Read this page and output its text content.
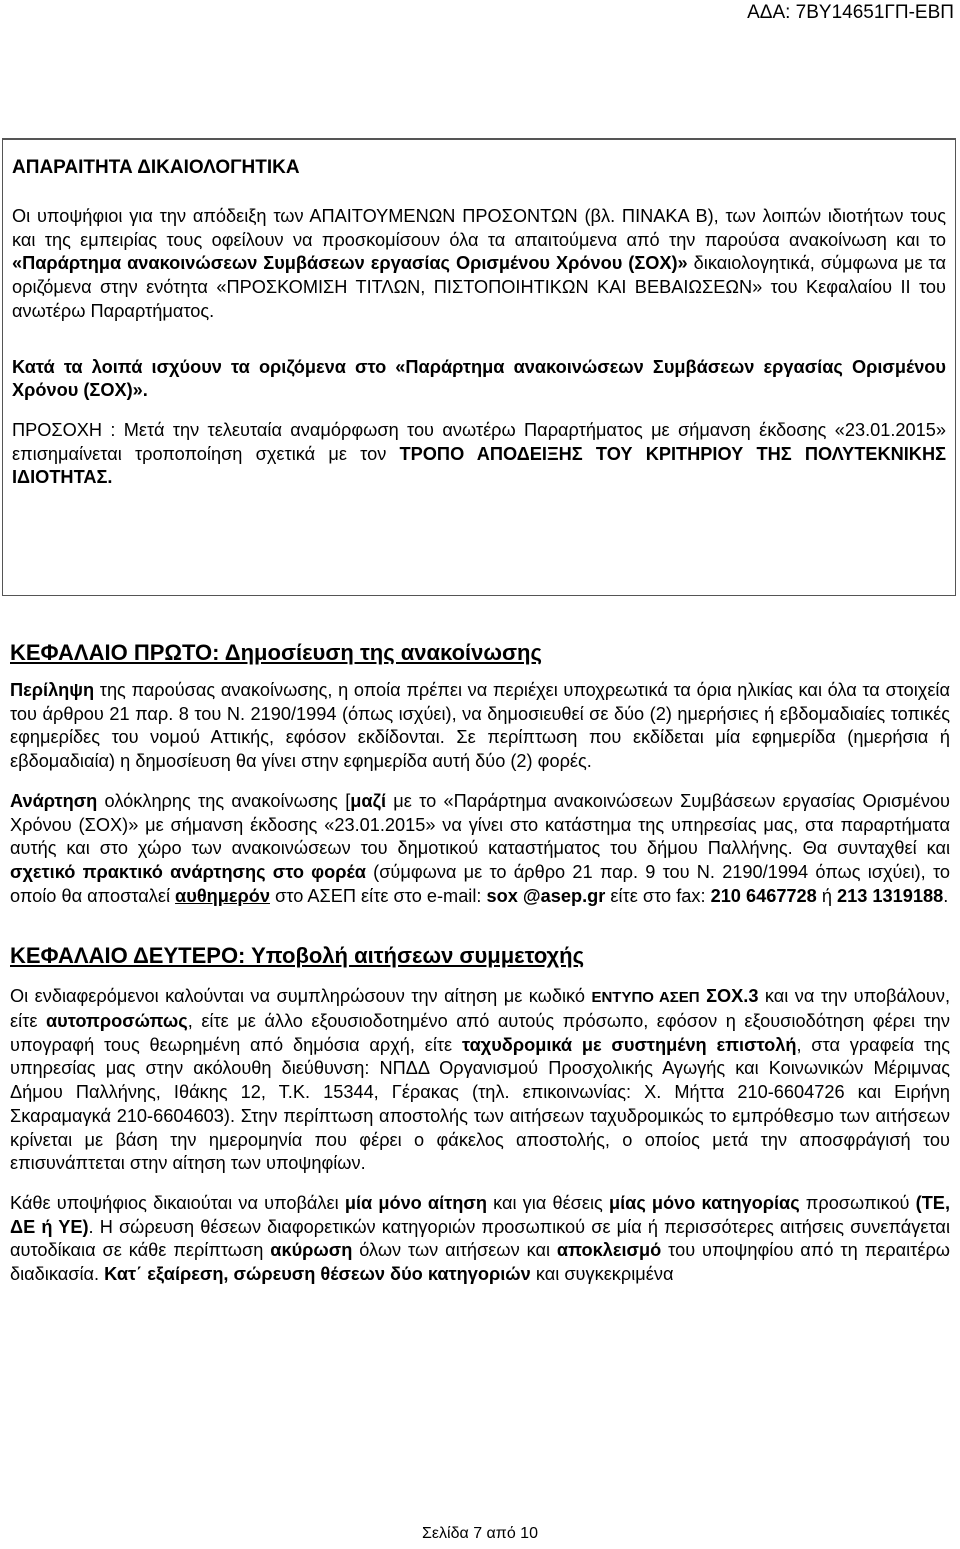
ΑΔΑ: 7ΒΥ14651ΓΠ-ΕΒΠ
ΑΠΑΡΑΙΤΗΤΑ ΔΙΚΑΙΟΛΟΓΗΤΙΚΑ

Οι υποψήφιοι για την απόδειξη των ΑΠΑΙΤΟΥΜΕΝΩΝ ΠΡΟΣΟΝΤΩΝ (βλ. ΠΙΝΑΚΑ Β), των λοιπών ιδιοτήτων τους και της εμπειρίας τους οφείλουν να προσκομίσουν όλα τα απαιτούμενα από την παρούσα ανακοίνωση και το «Παράρτημα ανακοινώσεων Συμβάσεων εργασίας Ορισμένου Χρόνου (ΣΟΧ)» δικαιολογητικά, σύμφωνα με τα οριζόμενα στην ενότητα «ΠΡΟΣΚΟΜΙΣΗ ΤΙΤΛΩΝ, ΠΙΣΤΟΠΟΙΗΤΙΚΩΝ ΚΑΙ ΒΕΒΑΙΩΣΕΩΝ» του Κεφαλαίου ΙΙ του ανωτέρω Παραρτήματος.

Κατά τα λοιπά ισχύουν τα οριζόμενα στο «Παράρτημα ανακοινώσεων Συμβάσεων εργασίας Ορισμένου Χρόνου (ΣΟΧ)».

ΠΡΟΣΟΧΗ : Μετά την τελευταία αναμόρφωση του ανωτέρω Παραρτήματος με σήμανση έκδοσης «23.01.2015» επισημαίνεται τροποποίηση σχετικά με τον ΤΡΟΠΟ ΑΠΟΔΕΙΞΗΣ ΤΟΥ ΚΡΙΤΗΡΙΟΥ ΤΗΣ ΠΟΛΥΤΕΚΝΙΚΗΣ ΙΔΙΟΤΗΤΑΣ.

ΚΕΦΑΛΑΙΟ ΠΡΩΤΟ: Δημοσίευση της ανακοίνωσης

Περίληψη της παρούσας ανακοίνωσης, η οποία πρέπει να περιέχει υποχρεωτικά τα όρια ηλικίας και όλα τα στοιχεία του άρθρου 21 παρ. 8 του Ν. 2190/1994 (όπως ισχύει), να δημοσιευθεί σε δύο (2) ημερήσιες ή εβδομαδιαίες τοπικές εφημερίδες του νομού Αττικής, εφόσον εκδίδονται. Σε περίπτωση που εκδίδεται μία εφημερίδα (ημερήσια ή εβδομαδιαία) η δημοσίευση θα γίνει στην εφημερίδα αυτή δύο (2) φορές.

Ανάρτηση ολόκληρης της ανακοίνωσης [μαζί με το «Παράρτημα ανακοινώσεων Συμβάσεων εργασίας Ορισμένου Χρόνου (ΣΟΧ)» με σήμανση έκδοσης «23.01.2015» να γίνει στο κατάστημα της υπηρεσίας μας, στα παραρτήματα αυτής και στο χώρο των ανακοινώσεων του δημοτικού καταστήματος του δήμου Παλλήνης. Θα συνταχθεί και σχετικό πρακτικό ανάρτησης στο φορέα (σύμφωνα με το άρθρο 21 παρ. 9 του Ν. 2190/1994 όπως ισχύει), το οποίο θα αποσταλεί αυθημερόν στο ΑΣΕΠ είτε στο e-mail: sox @asep.gr είτε στο fax: 210 6467728 ή 213 1319188.

ΚΕΦΑΛΑΙΟ ΔΕΥΤΕΡΟ: Υποβολή αιτήσεων συμμετοχής

Οι ενδιαφερόμενοι καλούνται να συμπληρώσουν την αίτηση με κωδικό ΕΝΤΥΠΟ ΑΣΕΠ ΣΟΧ.3 και να την υποβάλουν, είτε αυτοπροσώπως, είτε με άλλο εξουσιοδοτημένο από αυτούς πρόσωπο, εφόσον η εξουσιοδότηση φέρει την υπογραφή τους θεωρημένη από δημόσια αρχή, είτε ταχυδρομικά με συστημένη επιστολή, στα γραφεία της υπηρεσίας μας στην ακόλουθη διεύθυνση: ΝΠΔΔ Οργανισμού Προσχολικής Αγωγής και Κοινωνικών Μέριμνας Δήμου Παλλήνης, Ιθάκης 12, Τ.Κ. 15344, Γέρακας (τηλ. επικοινωνίας: Χ. Μήττα 210-6604726 και Ειρήνη Σκαραμαγκά 210-6604603). Στην περίπτωση αποστολής των αιτήσεων ταχυδρομικώς το εμπρόθεσμο των αιτήσεων κρίνεται με βάση την ημερομηνία που φέρει ο φάκελος αποστολής, ο οποίος μετά την αποσφράγισή του επισυνάπτεται στην αίτηση των υποψηφίων.

Κάθε υποψήφιος δικαιούται να υποβάλει μία μόνο αίτηση και για θέσεις μίας μόνο κατηγορίας προσωπικού (ΤΕ, ΔΕ ή ΥΕ). Η σώρευση θέσεων διαφορετικών κατηγοριών προσωπικού σε μία ή περισσότερες αιτήσεις συνεπάγεται αυτοδίκαια σε κάθε περίπτωση ακύρωση όλων των αιτήσεων και αποκλεισμό του υποψηφίου από τη περαιτέρω διαδικασία. Κατ΄ εξαίρεση, σώρευση θέσεων δύο κατηγοριών και συγκεκριμένα

Σελίδα 7 από 10
